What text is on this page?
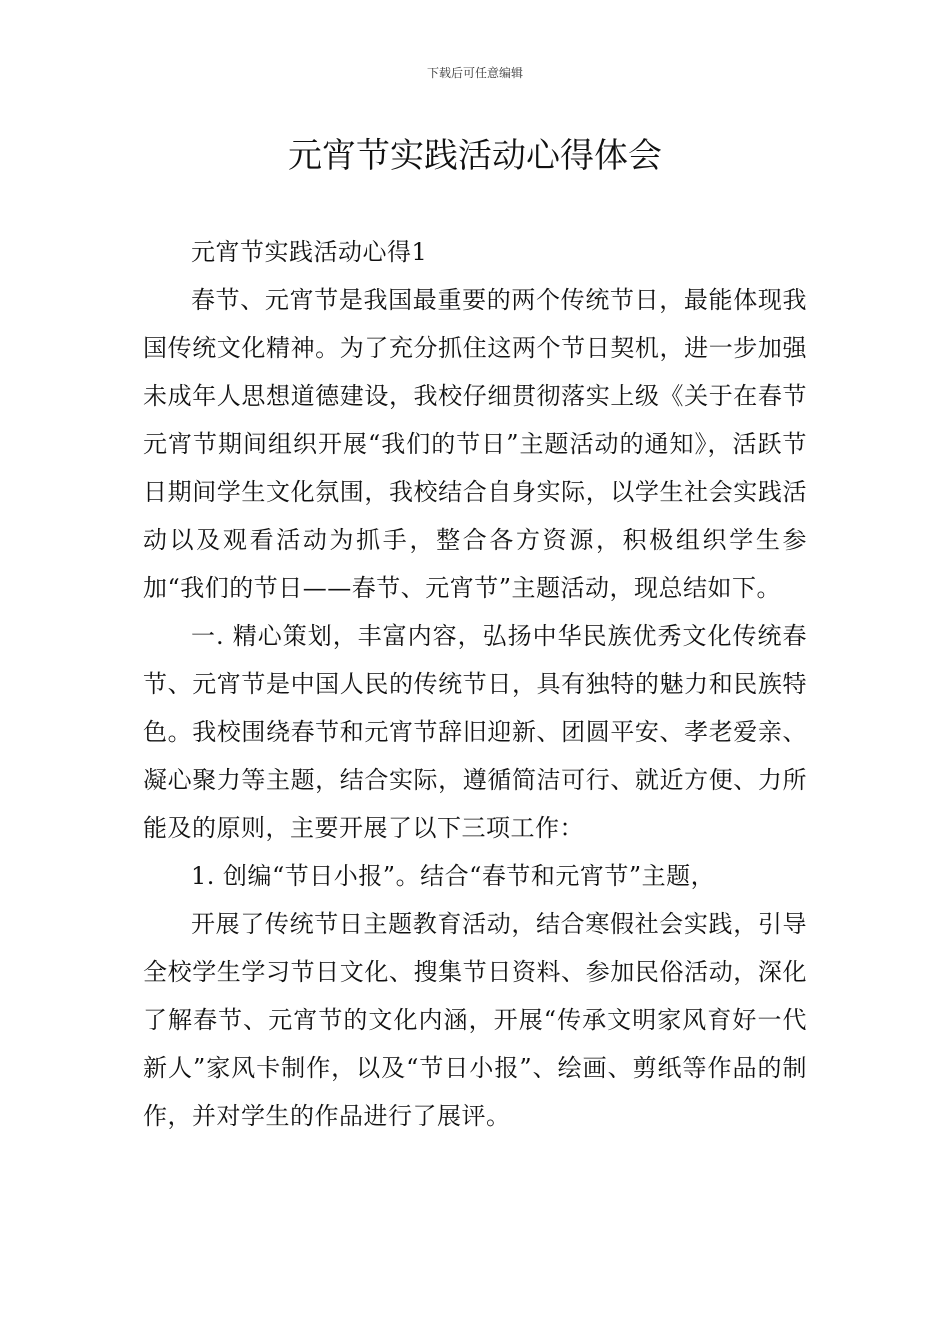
下载后可任意编辑
元宵节实践活动心得体会

元宵节实践活动心得1

春节、元宵节是我国最重要的两个传统节日，最能体现我国传统文化精神。为了充分抓住这两个节日契机，进一步加强未成年人思想道德建设，我校仔细贯彻落实上级《关于在春节元宵节期间组织开展“我们的节日”主题活动的通知》，活跃节日期间学生文化氛围，我校结合自身实际，以学生社会实践活动以及观看活动为抓手，整合各方资源，积极组织学生参加“我们的节日——春节、元宵节”主题活动，现总结如下。

一. 精心策划，丰富内容，弘扬中华民族优秀文化传统春节、元宵节是中国人民的传统节日，具有独特的魅力和民族特色。我校围绕春节和元宵节辞旧迎新、团圆平安、孝老爱亲、凝心聚力等主题，结合实际，遵循简洁可行、就近方便、力所能及的原则，主要开展了以下三项工作：

1. 创编“节日小报”。结合“春节和元宵节”主题，

开展了传统节日主题教育活动，结合寒假社会实践，引导全校学生学习节日文化、搜集节日资料、参加民俗活动，深化了解春节、元宵节的文化内涵，开展“传承文明家风育好一代新人”家风卡制作，以及“节日小报”、绘画、剪纸等作品的制作，并对学生的作品进行了展评。
